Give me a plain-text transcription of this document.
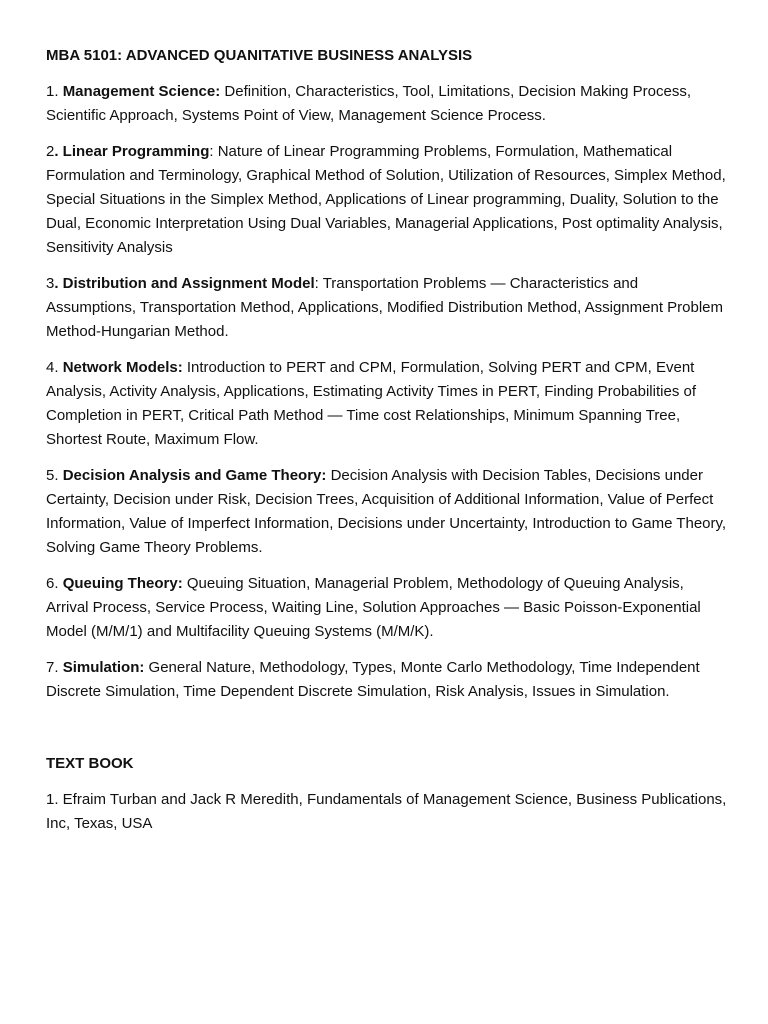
MBA 5101: ADVANCED QUANITATIVE BUSINESS ANALYSIS

1. Management Science: Definition, Characteristics, Tool, Limitations, Decision Making Process, Scientific Approach, Systems Point of View, Management Science Process.

2. Linear Programming: Nature of Linear Programming Problems, Formulation, Mathematical Formulation and Terminology, Graphical Method of Solution, Utilization of Resources, Simplex Method, Special Situations in the Simplex Method, Applications of Linear programming, Duality, Solution to the Dual, Economic Interpretation Using Dual Variables, Managerial Applications, Post optimality Analysis, Sensitivity Analysis

3. Distribution and Assignment Model: Transportation Problems — Characteristics and Assumptions, Transportation Method, Applications, Modified Distribution Method, Assignment Problem Method-Hungarian Method.

4. Network Models: Introduction to PERT and CPM, Formulation, Solving PERT and CPM, Event Analysis, Activity Analysis, Applications, Estimating Activity Times in PERT, Finding Probabilities of Completion in PERT, Critical Path Method — Time cost Relationships, Minimum Spanning Tree, Shortest Route, Maximum Flow.

5. Decision Analysis and Game Theory: Decision Analysis with Decision Tables, Decisions under Certainty, Decision under Risk, Decision Trees, Acquisition of Additional Information, Value of Perfect Information, Value of Imperfect Information, Decisions under Uncertainty, Introduction to Game Theory, Solving Game Theory Problems.

6. Queuing Theory: Queuing Situation, Managerial Problem, Methodology of Queuing Analysis, Arrival Process, Service Process, Waiting Line, Solution Approaches — Basic Poisson-Exponential Model (M/M/1) and Multifacility Queuing Systems (M/M/K).

7. Simulation: General Nature, Methodology, Types, Monte Carlo Methodology, Time Independent Discrete Simulation, Time Dependent Discrete Simulation, Risk Analysis, Issues in Simulation.

TEXT BOOK

1. Efraim Turban and Jack R Meredith, Fundamentals of Management Science, Business Publications, Inc, Texas, USA
